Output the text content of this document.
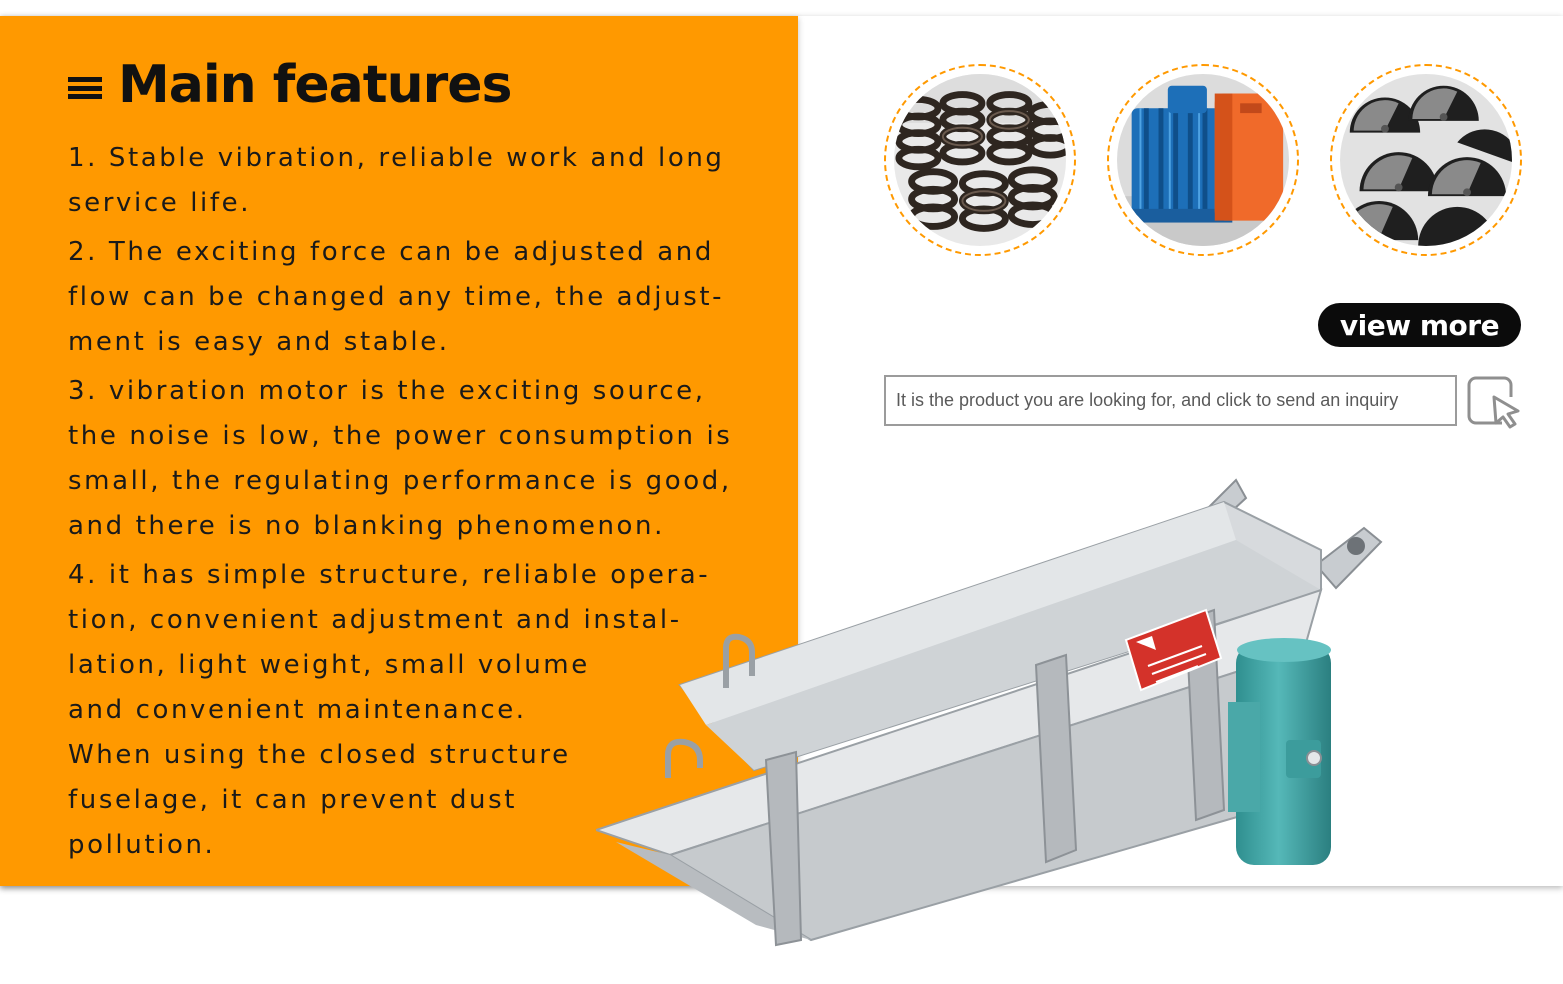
Main features
1. Stable vibration, reliable work and long
service life.
2. The exciting force can be adjusted and
flow can be changed any time, the adjust-
ment is easy and stable.
3. vibration motor is the exciting source,
the noise is low, the power consumption is
small, the regulating performance is good,
and there is no blanking phenomenon.
4. it has simple structure, reliable opera-
tion, convenient adjustment and instal-
lation, light weight, small volume
and convenient maintenance.
When using the closed structure
fuselage, it can prevent dust
pollution.
view more
It is the product you are looking for, and click to send an inquiry
